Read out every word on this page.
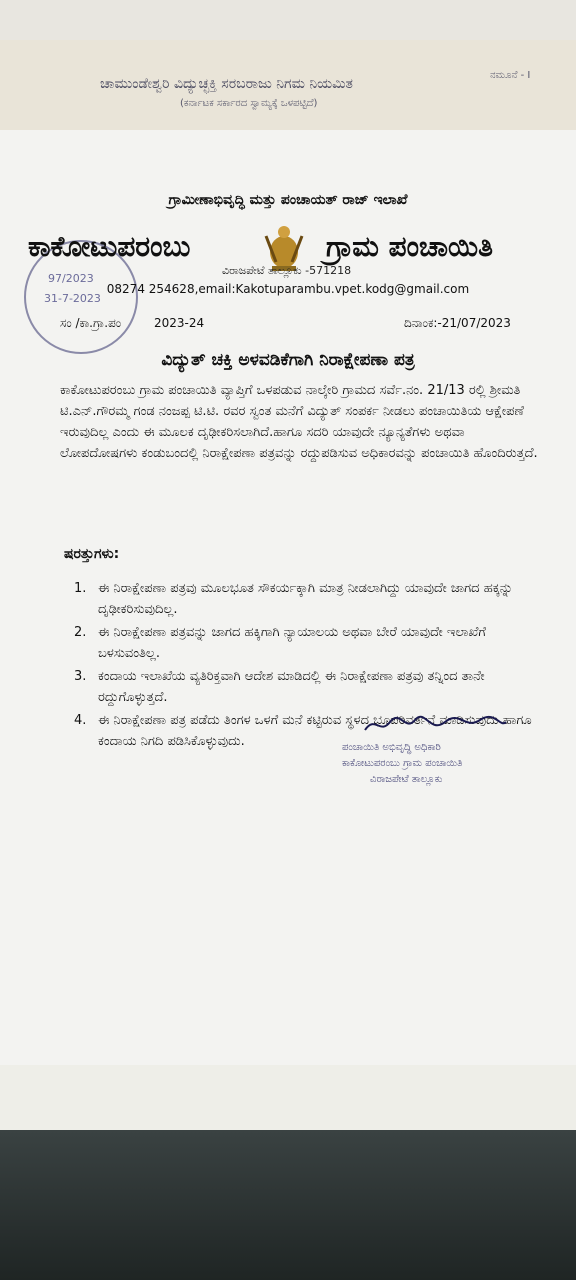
ಚಾಮುಂಡೇಶ್ವರಿ ವಿದ್ಯುಚ್ಛಕ್ತಿ ಸರಬರಾಜು ನಿಗಮ ನಿಯಮಿತ
(ಕರ್ನಾಟಕ ಸರ್ಕಾರದ ಸ್ವಾಮ್ಯಕ್ಕೆ ಒಳಪಟ್ಟಿದೆ)
ನಮೂನೆ - I
ಗ್ರಾಮೀಣಾಭಿವೃದ್ಧಿ ಮತ್ತು ಪಂಚಾಯತ್ ರಾಜ್ ಇಲಾಖೆ
97/2023
31-7-2023
ಕಾಕೋಟುಪರಂಬು	ಗ್ರಾಮ ಪಂಚಾಯಿತಿ
ವಿರಾಜಪೇಟೆ ತಾಲ್ಲೂಕು -571218
08274 254628,email:Kakotuparambu.vpet.kodg@gmail.com
ಸಂ /ಕಾ.ಗ್ರಾ.ಪಂ	2023-24	ದಿನಾಂಕ:-21/07/2023
ವಿದ್ಯುತ್ ಚಕ್ತಿ ಅಳವಡಿಕೆಗಾಗಿ ನಿರಾಕ್ಷೇಪಣಾ ಪತ್ರ
ಕಾಕೋಟುಪರಂಬು ಗ್ರಾಮ ಪಂಚಾಯಿತಿ ವ್ಯಾಪ್ತಿಗೆ ಒಳಪಡುವ ನಾಲ್ಕೇರಿ ಗ್ರಾಮದ ಸರ್ವೆ.ನಂ. 21/13 ರಲ್ಲಿ ಶ್ರೀಮತಿ ಟಿ.ಎನ್.ಗೌರಮ್ಮ ಗಂಡ ನಂಜಪ್ಪ ಟಿ.ಟಿ. ರವರ ಸ್ವಂತ ಮನೆಗೆ ವಿದ್ಯುತ್ ಸಂಪರ್ಕ ನೀಡಲು ಪಂಚಾಯಿತಿಯ ಆಕ್ಷೇಪಣೆ ಇರುವುದಿಲ್ಲ ಎಂದು ಈ ಮೂಲಕ ದೃಢೀಕರಿಸಲಾಗಿದೆ.ಹಾಗೂ ಸದರಿ ಯಾವುದೇ ನ್ಯೂನ್ಯತೆಗಳು ಅಥವಾ ಲೋಪದೋಷಗಳು ಕಂಡುಬಂದಲ್ಲಿ ನಿರಾಕ್ಷೇಪಣಾ ಪತ್ರವನ್ನು ರದ್ದುಪಡಿಸುವ ಅಧಿಕಾರವನ್ನು ಪಂಚಾಯಿತಿ ಹೊಂದಿರುತ್ತದೆ.
ಷರತ್ತುಗಳು:
1. ಈ ನಿರಾಕ್ಷೇಪಣಾ ಪತ್ರವು ಮೂಲಭೂತ ಸೌಕರ್ಯಕ್ಕಾಗಿ ಮಾತ್ರ ನೀಡಲಾಗಿದ್ದು ಯಾವುದೇ ಜಾಗದ ಹಕ್ಕನ್ನು ದೃಢೀಕರಿಸುವುದಿಲ್ಲ.
2. ಈ ನಿರಾಕ್ಷೇಪಣಾ ಪತ್ರವನ್ನು ಜಾಗದ ಹಕ್ಕಿಗಾಗಿ ನ್ಯಾಯಾಲಯ ಅಥವಾ ಬೇರೆ ಯಾವುದೇ ಇಲಾಖೆಗೆ ಬಳಸುವಂತಿಲ್ಲ.
3. ಕಂದಾಯ ಇಲಾಖೆಯ ವ್ಯತಿರಿಕ್ತವಾಗಿ ಆದೇಶ ಮಾಡಿದಲ್ಲಿ ಈ ನಿರಾಕ್ಷೇಪಣಾ ಪತ್ರವು ತನ್ನಿಂದ ತಾನೇ ರದ್ದುಗೊಳ್ಳುತ್ತದೆ.
4. ಈ ನಿರಾಕ್ಷೇಪಣಾ ಪತ್ರ ಪಡೆದು ತಿಂಗಳ ಒಳಗೆ ಮನೆ ಕಟ್ಟಿರುವ ಸ್ಥಳದ ಭೂಪರಿವರ್ತನೆ ಮಾಡಿಸುವುದು ಹಾಗೂ ಕಂದಾಯ ನಿಗದಿ ಪಡಿಸಿಕೊಳ್ಳುವುದು.	ಪಂಚಾಯಿತಿ ಅಭಿವೃದ್ಧಿ ಅಧಿಕಾರಿ
ಕಾಕೋಟುಪರಂಬು ಗ್ರಾಮ ಪಂಚಾಯಿತಿ
ವಿರಾಜಪೇಟೆ ತಾಲ್ಲೂಕು
